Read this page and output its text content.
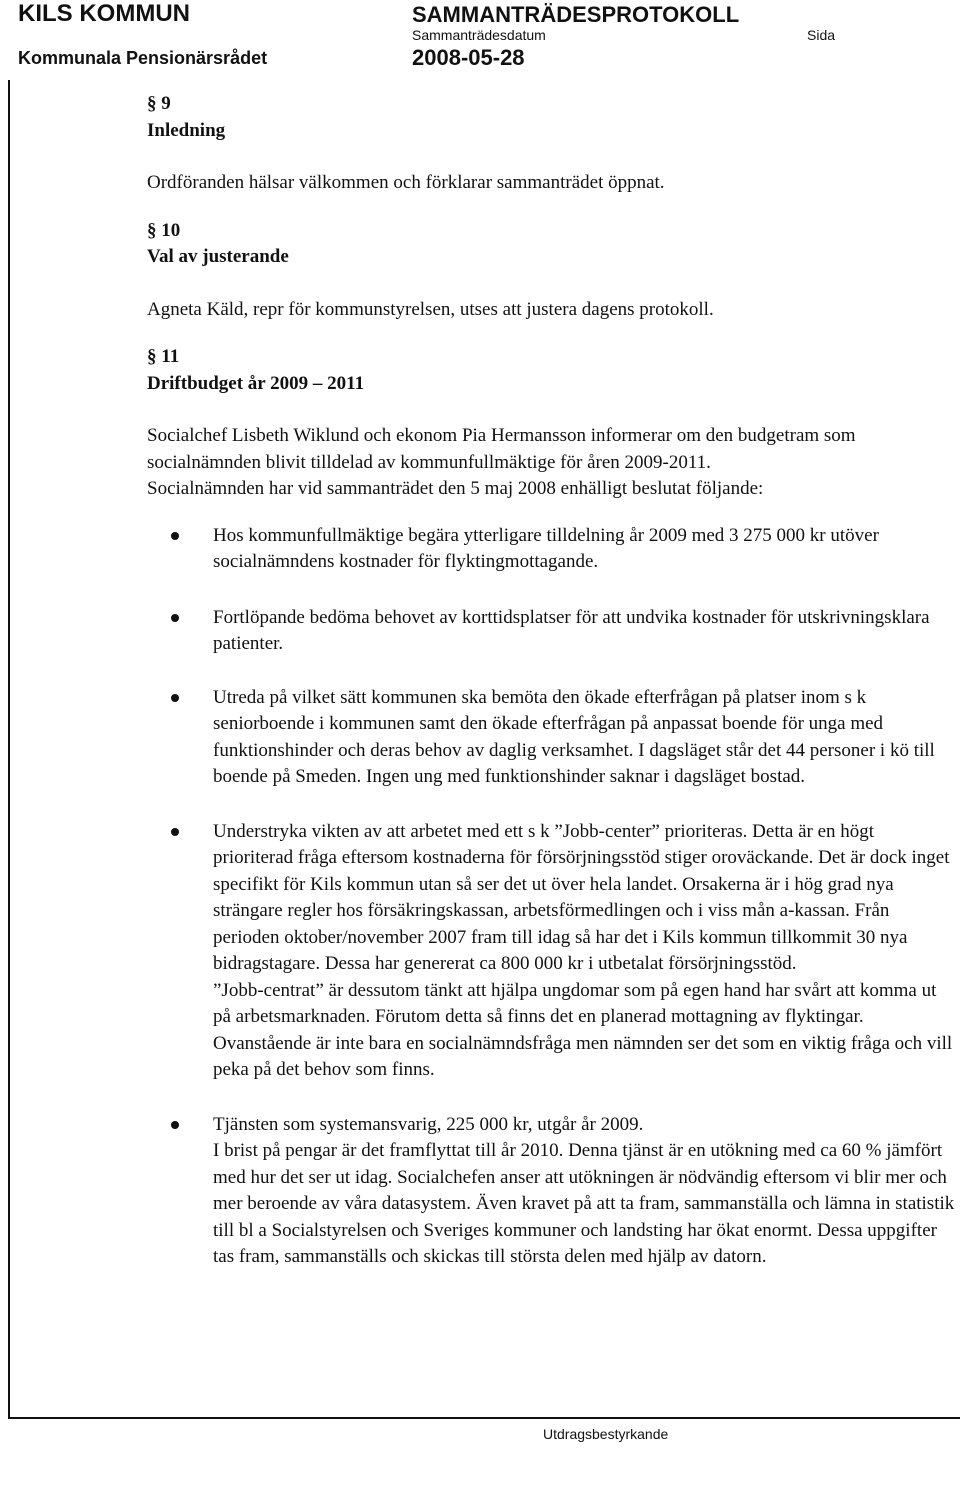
KILS KOMMUN	SAMMANTRÄDESPROTOKOLL
Sammanträdesdatum	Sida
Kommunala Pensionärsrådet	2008-05-28

§ 9

Inledning

Ordföranden hälsar välkommen och förklarar sammanträdet öppnat.

§ 10

Val av justerande

Agneta Käld, repr för kommunstyrelsen, utses att justera dagens protokoll.

§ 11

Driftbudget år 2009 – 2011

Socialchef Lisbeth Wiklund och ekonom Pia Hermansson informerar om den budgetram som socialnämnden blivit tilldelad av kommunfullmäktige för åren 2009-2011.

Socialnämnden har vid sammanträdet den 5 maj 2008 enhälligt beslutat följande:

Hos kommunfullmäktige begära ytterligare tilldelning år 2009 med 3 275 000 kr utöver socialnämndens kostnader för flyktingmottagande.

Fortlöpande bedöma behovet av korttidsplatser för att undvika kostnader för utskrivningsklara patienter.

Utreda på vilket sätt kommunen ska bemöta den ökade efterfrågan på platser inom s k seniorboende i kommunen samt den ökade efterfrågan på anpassat boende för unga med funktionshinder och deras behov av daglig verksamhet. I dagsläget står det 44 personer i kö till boende på Smeden. Ingen ung med funktionshinder saknar i dagsläget bostad.

Understryka vikten av att arbetet med ett s k ”Jobb-center” prioriteras. Detta är en högt prioriterad fråga eftersom kostnaderna för försörjningsstöd stiger oroväckande. Det är dock inget specifikt för Kils kommun utan så ser det ut över hela landet. Orsakerna är i hög grad nya strängare regler hos försäkringskassan, arbetsförmedlingen och i viss mån a-kassan. Från perioden oktober/november 2007 fram till idag så har det i Kils kommun tillkommit 30 nya bidragstagare. Dessa har genererat ca 800 000 kr i utbetalat försörjningsstöd.

”Jobb-centrat” är dessutom tänkt att hjälpa ungdomar som på egen hand har svårt att komma ut på arbetsmarknaden. Förutom detta så finns det en planerad mottagning av flyktingar.

Ovanstående är inte bara en socialnämndsfråga men nämnden ser det som en viktig fråga och vill peka på det behov som finns.

Tjänsten som systemansvarig, 225 000 kr, utgår år 2009.

I brist på pengar är det framflyttat till år 2010. Denna tjänst är en utökning med ca 60 % jämfört med hur det ser ut idag. Socialchefen anser att utökningen är nödvändig eftersom vi blir mer och mer beroende av våra datasystem. Även kravet på att ta fram, sammanställa och lämna in statistik till bl a Socialstyrelsen och Sveriges kommuner och landsting har ökat enormt. Dessa uppgifter tas fram, sammanställs och skickas till största delen med hjälp av datorn.

Utdragsbestyrkande
